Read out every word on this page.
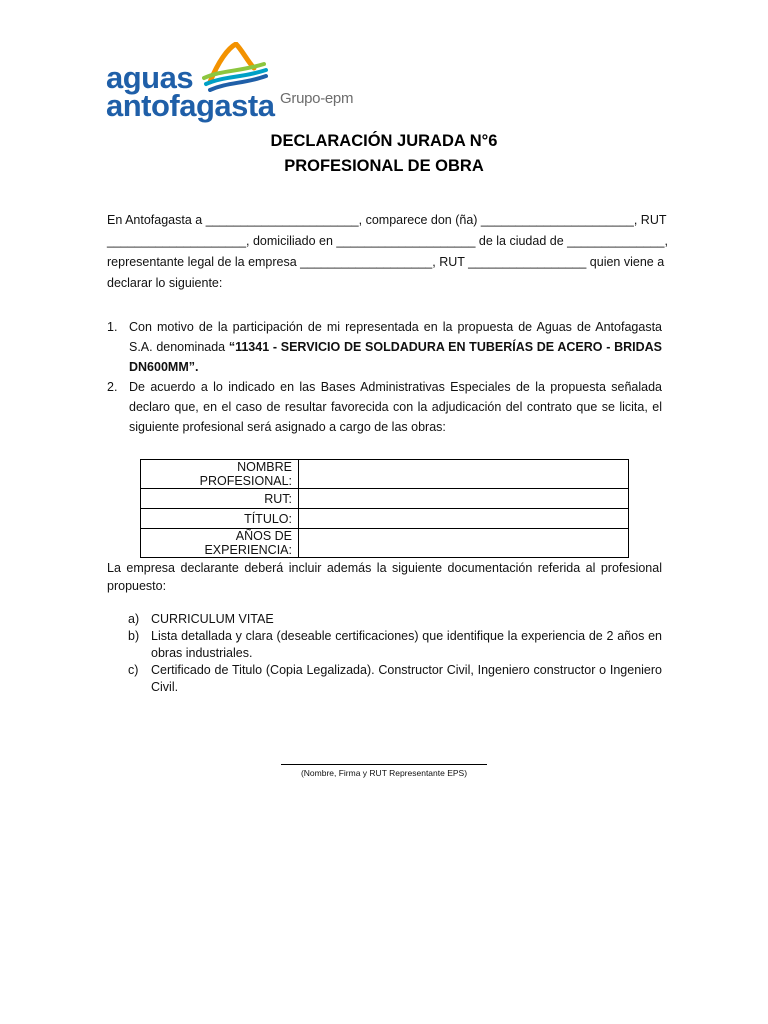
aguas
antofagasta Grupo-epm
DECLARACIÓN JURADA N°6
PROFESIONAL DE OBRA
En Antofagasta a ______________________, comparece don (ña) ______________________, RUT
____________________, domiciliado en ____________________ de la ciudad de ______________,
representante legal de la empresa ___________________, RUT _________________ quien viene a
declarar lo siguiente:
1. Con motivo de la participación de mi representada en la propuesta de Aguas de Antofagasta S.A. denominada “11341 - SERVICIO DE SOLDADURA EN TUBERÍAS DE ACERO - BRIDAS DN600MM”.
2. De acuerdo a lo indicado en las Bases Administrativas Especiales de la propuesta señalada declaro que, en el caso de resultar favorecida con la adjudicación del contrato que se licita, el siguiente profesional será asignado a cargo de las obras:
NOMBRE PROFESIONAL:	
RUT:	
TÍTULO:	
AÑOS DE EXPERIENCIA:	
La empresa declarante deberá incluir además la siguiente documentación referida al profesional propuesto:
a) CURRICULUM VITAE
b) Lista detallada y clara (deseable certificaciones) que identifique la experiencia de 2 años en obras industriales.
c) Certificado de Titulo (Copia Legalizada). Constructor Civil, Ingeniero constructor o Ingeniero Civil.
(Nombre, Firma y RUT Representante EPS)
